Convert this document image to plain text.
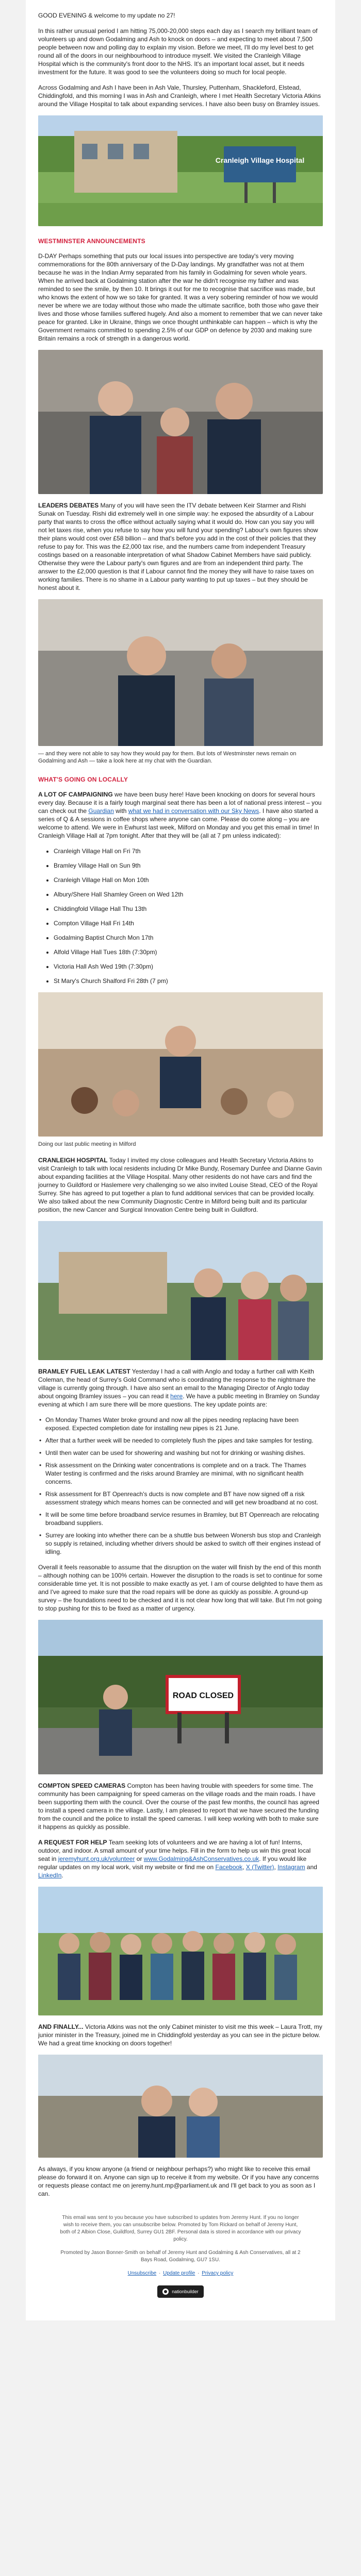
GOOD EVENING & welcome to my update no 27!

In this rather unusual period I am hitting 75,000-20,000 steps each day as I search my brilliant team of volunteers up and down Godalming and Ash to knock on doors – and expecting to meet about 7,500 people between now and polling day to explain my vision. Before we meet, I'll do my level best to get round all of the doors in our neighbourhood to introduce myself. We visited the Cranleigh Village Hospital which is the community's front door to the NHS. It's an important local asset, but it needs investment for the future. It was good to see the volunteers doing so much for local people.

Across Godalming and Ash I have been in Ash Vale, Thursley, Puttenham, Shackleford, Elstead, Chiddingfold, and this morning I was in Ash and Cranleigh, where I met Health Secretary Victoria Atkins around the Village Hospital to talk about expanding services. I have also been busy on Bramley issues.

Cranleigh Village Hospital
WESTMINSTER ANNOUNCEMENTS

D-DAY Perhaps something that puts our local issues into perspective are today's very moving commemorations for the 80th anniversary of the D-Day landings. My grandfather was not at them because he was in the Indian Army separated from his family in Godalming for seven whole years. When he arrived back at Godalming station after the war he didn't recognise my father and was reminded to see the smile, by then 10. It brings it out for me to recognise that sacrifice was made, but who knows the extent of how we so take for granted. It was a very sobering reminder of how we would never be where we are today without those who made the ultimate sacrifice, both those who gave their lives and those whose families suffered hugely. And also a moment to remember that we can never take peace for granted. Like in Ukraine, things we once thought unthinkable can happen – which is why the Government remains committed to spending 2.5% of our GDP on defence by 2030 and making sure Britain remains a rock of strength in a dangerous world.

LEADERS DEBATES Many of you will have seen the ITV debate between Keir Starmer and Rishi Sunak on Tuesday. Rishi did extremely well in one simple way: he exposed the absurdity of a Labour party that wants to cross the office without actually saying what it would do. How can you say you will not let taxes rise, when you refuse to say how you will fund your spending? Labour's own figures show their plans would cost over £58 billion – and that's before you add in the cost of their policies that they refuse to pay for. This was the £2,000 tax rise, and the numbers came from independent Treasury costings based on a reasonable interpretation of what Shadow Cabinet Members have said publicly. Otherwise they were the Labour party's own figures and are from an independent third party. The answer to the £2,000 question is that if Labour cannot find the money they will have to raise taxes on working families. There is no shame in a Labour party wanting to put up taxes – but they should be honest about it.

— and they were not able to say how they would pay for them. But lots of Westminster news remain on Godalming and Ash — take a look here at my chat with the Guardian.

WHAT'S GOING ON LOCALLY

A LOT OF CAMPAIGNING we have been busy here! Have been knocking on doors for several hours every day. Because it is a fairly tough marginal seat there has been a lot of national press interest – you can check out the Guardian with what we had in conversation with our Sky News. I have also started a series of Q & A sessions in coffee shops where anyone can come. Please do come along – you are welcome to attend. We were in Ewhurst last week, Milford on Monday and you get this email in time! In Cranleigh Village Hall at 7pm tonight. After that they will be (all at 7 pm unless indicated):

• Cranleigh Village Hall on Fri 7th
• Bramley Village Hall on Sun 9th
• Cranleigh Village Hall on Mon 10th
• Albury/Shere Hall Shamley Green on Wed 12th
• Chiddingfold Village Hall Thu 13th
• Compton Village Hall Fri 14th
• Godalming Baptist Church Mon 17th
• Alfold Village Hall Tues 18th (7:30pm)
• Victoria Hall Ash Wed 19th (7:30pm)
• St Mary's Church Shalford Fri 28th (7 pm)

Doing our last public meeting in Milford

CRANLEIGH HOSPITAL Today I invited my close colleagues and Health Secretary Victoria Atkins to visit Cranleigh to talk with local residents including Dr Mike Bundy, Rosemary Dunfee and Dianne Gavin about expanding facilities at the Village Hospital. Many other residents do not have cars and find the journey to Guildford or Haslemere very challenging so we also invited Louise Stead, CEO of the Royal Surrey. She has agreed to put together a plan to fund additional services that can be provided locally. We also talked about the new Community Diagnostic Centre in Milford being built and its particular position, the new Cancer and Surgical Innovation Centre being built in Guildford.

BRAMLEY FUEL LEAK LATEST Yesterday I had a call with Anglo and today a further call with Keith Coleman, the head of Surrey's Gold Command who is coordinating the response to the nightmare the village is currently going through. I have also sent an email to the Managing Director of Anglo today about ongoing Bramley issues – you can read it here. We have a public meeting in Bramley on Sunday evening at which I am sure there will be more questions. The key update points are:

• On Monday Thames Water broke ground and now all the pipes needing replacing have been exposed. Expected completion date for installing new pipes is 21 June.
• After that a further week will be needed to completely flush the pipes and take samples for testing.
• Until then water can be used for showering and washing but not for drinking or washing dishes.
• Risk assessment on the Drinking water concentrations is complete and on a track. The Thames Water testing is confirmed and the risks around Bramley are minimal, with no significant health concerns.
• Risk assessment for BT Openreach's ducts is now complete and BT have now signed off a risk assessment strategy which means homes can be connected and will get new broadband at no cost.
• It will be some time before broadband service resumes in Bramley, but BT Openreach are relocating broadband suppliers.
• Surrey are looking into whether there can be a shuttle bus between Wonersh bus stop and Cranleigh so supply is retained, including whether drivers should be asked to switch off their engines instead of idling.

Overall it feels reasonable to assume that the disruption on the water will finish by the end of this month – although nothing can be 100% certain. However the disruption to the roads is set to continue for some considerable time yet. It is not possible to make exactly as yet. I am of course delighted to have them as and I've agreed to make sure that the road repairs will be done as quickly as possible. A ground-up survey – the foundations need to be checked and it is not clear how long that will take. But I'm not going to stop pushing for this to be fixed as a matter of urgency.

ROAD CLOSED

COMPTON SPEED CAMERAS Compton has been having trouble with speeders for some time. The community has been campaigning for speed cameras on the village roads and the main roads. I have been supporting them with the council. Over the course of the past few months, the council has agreed to install a speed camera in the village. Lastly, I am pleased to report that we have secured the funding from the council and the police to install the speed cameras. I will keep working with both to make sure it happens as quickly as possible.

A REQUEST FOR HELP Team seeking lots of volunteers and we are having a lot of fun! Interns, outdoor, and indoor. A small amount of your time helps. Fill in the form to help us win this great local seat in jeremyhunt.org.uk/volunteer or www.Godalming&AshConservatives.co.uk. If you would like regular updates on my local work, visit my website or find me on Facebook, X (Twitter), Instagram and LinkedIn.

AND FINALLY... Victoria Atkins was not the only Cabinet minister to visit me this week – Laura Trott, my junior minister in the Treasury, joined me in Chiddingfold yesterday as you can see in the picture below. We had a great time knocking on doors together!

As always, if you know anyone (a friend or neighbour perhaps?) who might like to receive this email please do forward it on. Anyone can sign up to receive it from my website. Or if you have any concerns or requests please contact me on jeremy.hunt.mp@parliament.uk and I'll get back to you as soon as I can.

This email was sent to you because you have subscribed to updates from Jeremy Hunt. If you no longer wish to receive them, you can unsubscribe below. Promoted by Tom Rickard on behalf of Jeremy Hunt, both of 2 Albion Close, Guildford, Surrey GU1 2BF. Personal data is stored in accordance with our privacy policy.

Promoted by Jason Bonner-Smith on behalf of Jeremy Hunt and Godalming & Ash Conservatives, all at 2 Bays Road, Godalming, GU7 1SU.

Unsubscribe · Update profile · Privacy policy

nationbuilder
